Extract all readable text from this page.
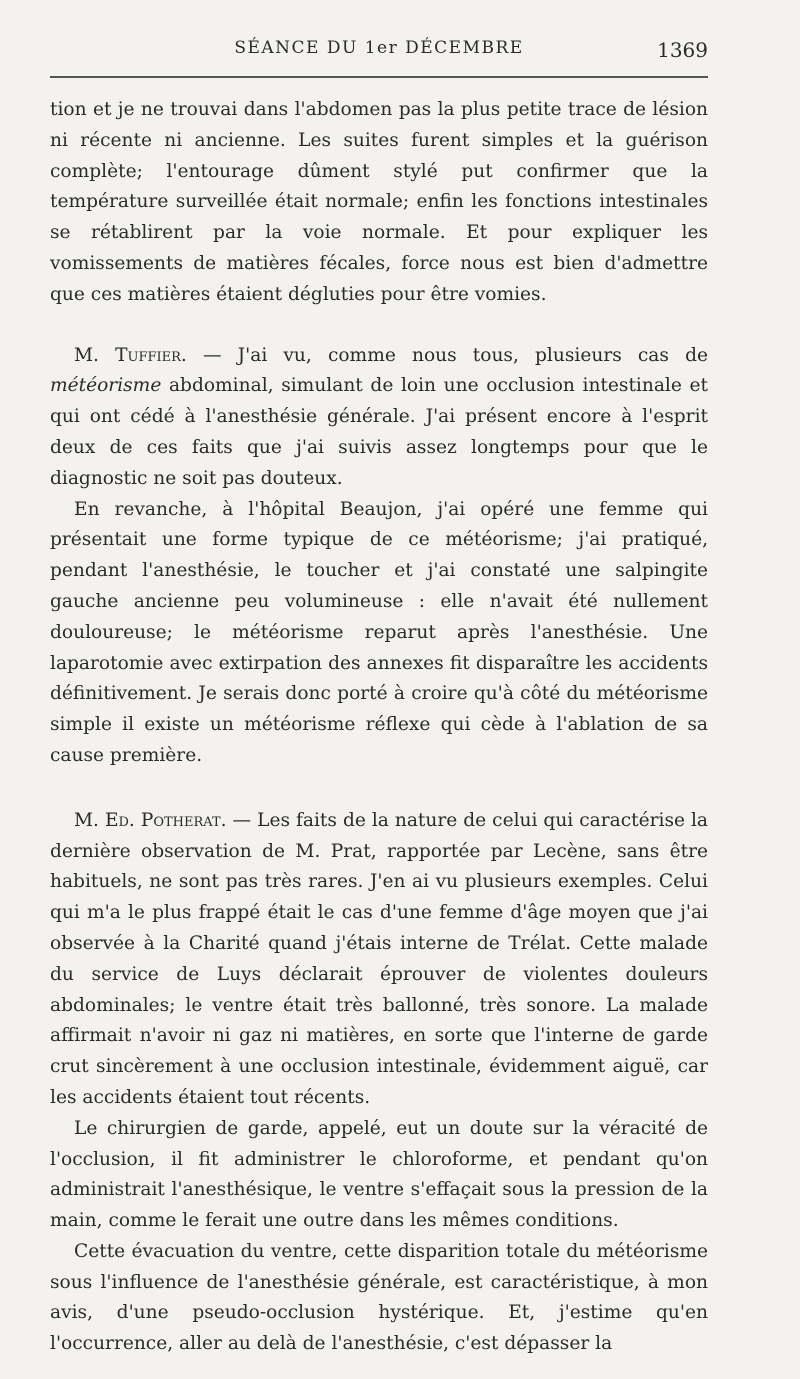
SÉANCE DU 1er DÉCEMBRE	1369

tion et je ne trouvai dans l'abdomen pas la plus petite trace de lésion ni récente ni ancienne. Les suites furent simples et la guérison complète; l'entourage dûment stylé put confirmer que la température surveillée était normale; enfin les fonctions intestinales se rétablirent par la voie normale. Et pour expliquer les vomissements de matières fécales, force nous est bien d'admettre que ces matières étaient dégluties pour être vomies.

M. Tuffier. — J'ai vu, comme nous tous, plusieurs cas de météorisme abdominal, simulant de loin une occlusion intestinale et qui ont cédé à l'anesthésie générale. J'ai présent encore à l'esprit deux de ces faits que j'ai suivis assez longtemps pour que le diagnostic ne soit pas douteux.

En revanche, à l'hôpital Beaujon, j'ai opéré une femme qui présentait une forme typique de ce météorisme; j'ai pratiqué, pendant l'anesthésie, le toucher et j'ai constaté une salpingite gauche ancienne peu volumineuse : elle n'avait été nullement douloureuse; le météorisme reparut après l'anesthésie. Une laparotomie avec extirpation des annexes fit disparaître les accidents définitivement. Je serais donc porté à croire qu'à côté du météorisme simple il existe un météorisme réflexe qui cède à l'ablation de sa cause première.

M. Ed. Potherat. — Les faits de la nature de celui qui caractérise la dernière observation de M. Prat, rapportée par Lecène, sans être habituels, ne sont pas très rares. J'en ai vu plusieurs exemples. Celui qui m'a le plus frappé était le cas d'une femme d'âge moyen que j'ai observée à la Charité quand j'étais interne de Trélat. Cette malade du service de Luys déclarait éprouver de violentes douleurs abdominales; le ventre était très ballonné, très sonore. La malade affirmait n'avoir ni gaz ni matières, en sorte que l'interne de garde crut sincèrement à une occlusion intestinale, évidemment aiguë, car les accidents étaient tout récents.

Le chirurgien de garde, appelé, eut un doute sur la véracité de l'occlusion, il fit administrer le chloroforme, et pendant qu'on administrait l'anesthésique, le ventre s'effaçait sous la pression de la main, comme le ferait une outre dans les mêmes conditions.

Cette évacuation du ventre, cette disparition totale du météorisme sous l'influence de l'anesthésie générale, est caractéristique, à mon avis, d'une pseudo-occlusion hystérique. Et, j'estime qu'en l'occurrence, aller au delà de l'anesthésie, c'est dépasser la
